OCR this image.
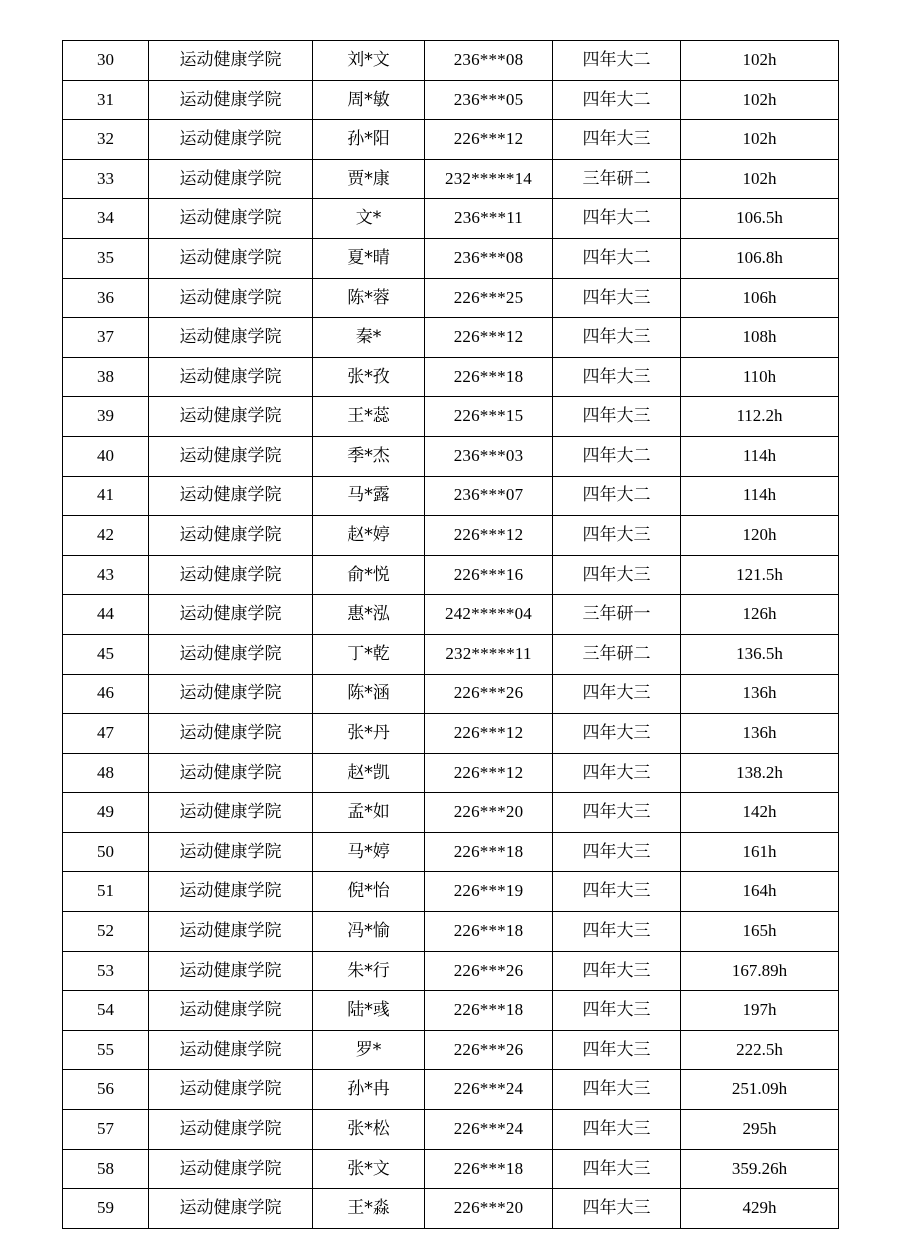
30	运动健康学院	刘*文	236***08	四年大二	102h
31	运动健康学院	周*敏	236***05	四年大二	102h
32	运动健康学院	孙*阳	226***12	四年大三	102h
33	运动健康学院	贾*康	232*****14	三年研二	102h
34	运动健康学院	文*	236***11	四年大二	106.5h
35	运动健康学院	夏*晴	236***08	四年大二	106.8h
36	运动健康学院	陈*蓉	226***25	四年大三	106h
37	运动健康学院	秦*	226***12	四年大三	108h
38	运动健康学院	张*孜	226***18	四年大三	110h
39	运动健康学院	王*蕊	226***15	四年大三	112.2h
40	运动健康学院	季*杰	236***03	四年大二	114h
41	运动健康学院	马*露	236***07	四年大二	114h
42	运动健康学院	赵*婷	226***12	四年大三	120h
43	运动健康学院	俞*悦	226***16	四年大三	121.5h
44	运动健康学院	惠*泓	242*****04	三年研一	126h
45	运动健康学院	丁*乾	232*****11	三年研二	136.5h
46	运动健康学院	陈*涵	226***26	四年大三	136h
47	运动健康学院	张*丹	226***12	四年大三	136h
48	运动健康学院	赵*凯	226***12	四年大三	138.2h
49	运动健康学院	孟*如	226***20	四年大三	142h
50	运动健康学院	马*婷	226***18	四年大三	161h
51	运动健康学院	倪*怡	226***19	四年大三	164h
52	运动健康学院	冯*愉	226***18	四年大三	165h
53	运动健康学院	朱*行	226***26	四年大三	167.89h
54	运动健康学院	陆*彧	226***18	四年大三	197h
55	运动健康学院	罗*	226***26	四年大三	222.5h
56	运动健康学院	孙*冉	226***24	四年大三	251.09h
57	运动健康学院	张*松	226***24	四年大三	295h
58	运动健康学院	张*文	226***18	四年大三	359.26h
59	运动健康学院	王*淼	226***20	四年大三	429h
